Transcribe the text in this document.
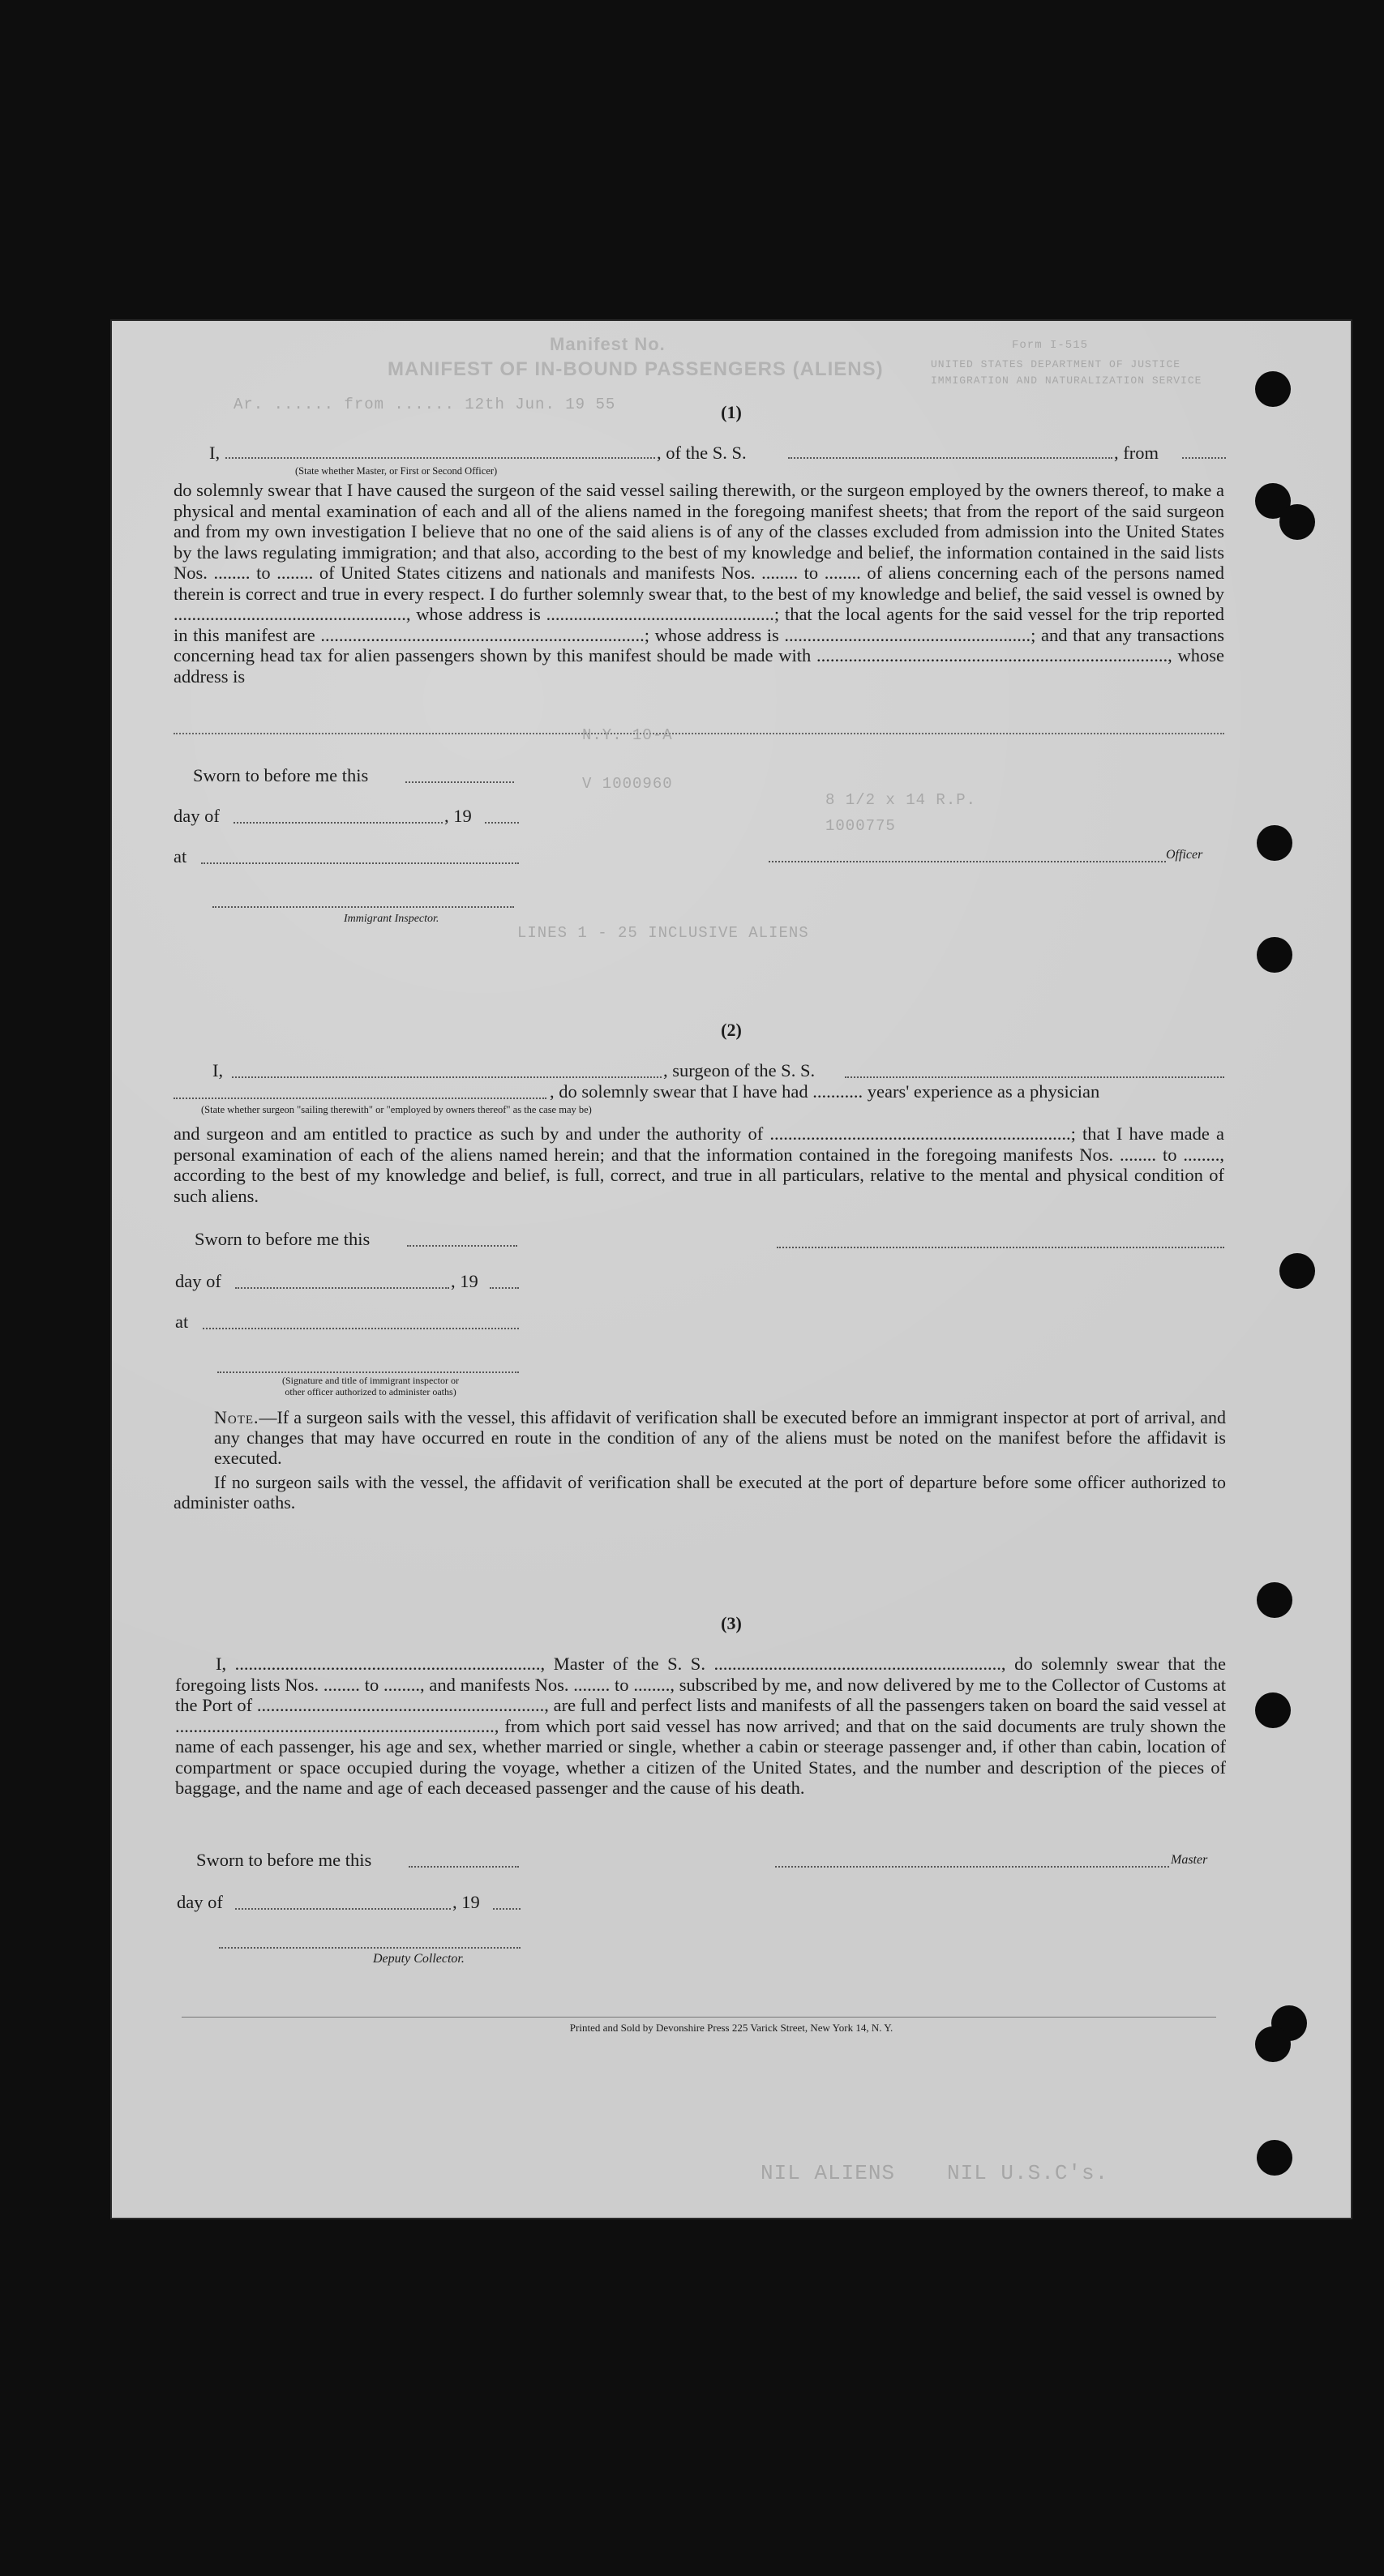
Manifest No.
MANIFEST OF IN-BOUND PASSENGERS (ALIENS)
Ar. ...... from ...... 12th Jun. 19 55
Form I-515
UNITED STATES DEPARTMENT OF JUSTICE
IMMIGRATION AND NATURALIZATION SERVICE
(1)
I,	, of the S. S.	, from
(State whether Master, or First or Second Officer)
do solemnly swear that I have caused the surgeon of the said vessel sailing therewith, or the surgeon employed by the owners thereof, to make a physical and mental examination of each and all of the aliens named in the foregoing manifest sheets; that from the report of the said surgeon and from my own investigation I believe that no one of the said aliens is of any of the classes excluded from admission into the United States by the laws regulating immigration; and that also, according to the best of my knowledge and belief, the information contained in the said lists Nos. ........ to ........ of United States citizens and nationals and manifests Nos. ........ to ........ of aliens concerning each of the persons named therein is correct and true in every respect. I do further solemnly swear that, to the best of my knowledge and belief, the said vessel is owned by ..................................................., whose address is ..................................................; that the local agents for the said vessel for the trip reported in this manifest are .......................................................................; whose address is ......................................................; and that any transactions concerning head tax for alien passengers shown by this manifest should be made with ............................................................................., whose address is
Sworn to before me this
day of	, 19
at	Officer
Immigrant Inspector.
N.Y. 10-A
V 1000960
8 1/2 x 14 R.P.
1000775
LINES 1 - 25 INCLUSIVE ALIENS
(2)
I,	, surgeon of the S. S.
, do solemnly swear that I have had ........... years' experience as a physician
(State whether surgeon "sailing therewith" or "employed by owners thereof" as the case may be)
and surgeon and am entitled to practice as such by and under the authority of ..................................................................; that I have made a personal examination of each of the aliens named herein; and that the information contained in the foregoing manifests Nos. ........ to ........, according to the best of my knowledge and belief, is full, correct, and true in all particulars, relative to the mental and physical condition of such aliens.
Sworn to before me this
day of	, 19
at
(Signature and title of immigrant inspector or
other officer authorized to administer oaths)
Note.—If a surgeon sails with the vessel, this affidavit of verification shall be executed before an immigrant inspector at port of arrival, and any changes that may have occurred en route in the condition of any of the aliens must be noted on the manifest before the affidavit is executed.
If no surgeon sails with the vessel, the affidavit of verification shall be executed at the port of departure before some officer authorized to administer oaths.
(3)
I, ..................................................................., Master of the S. S. ..............................................................., do solemnly swear that the foregoing lists Nos. ........ to ........, and manifests Nos. ........ to ........, subscribed by me, and now delivered by me to the Collector of Customs at the Port of ..............................................................., are full and perfect lists and manifests of all the passengers taken on board the said vessel at ......................................................................, from which port said vessel has now arrived; and that on the said documents are truly shown the name of each passenger, his age and sex, whether married or single, whether a cabin or steerage passenger and, if other than cabin, location of compartment or space occupied during the voyage, whether a citizen of the United States, and the number and description of the pieces of baggage, and the name and age of each deceased passenger and the cause of his death.
Sworn to before me this	Master
day of	, 19
Deputy Collector.
Printed and Sold by Devonshire Press 225 Varick Street, New York 14, N. Y.
NIL U.S.C's.
NIL ALIENS
